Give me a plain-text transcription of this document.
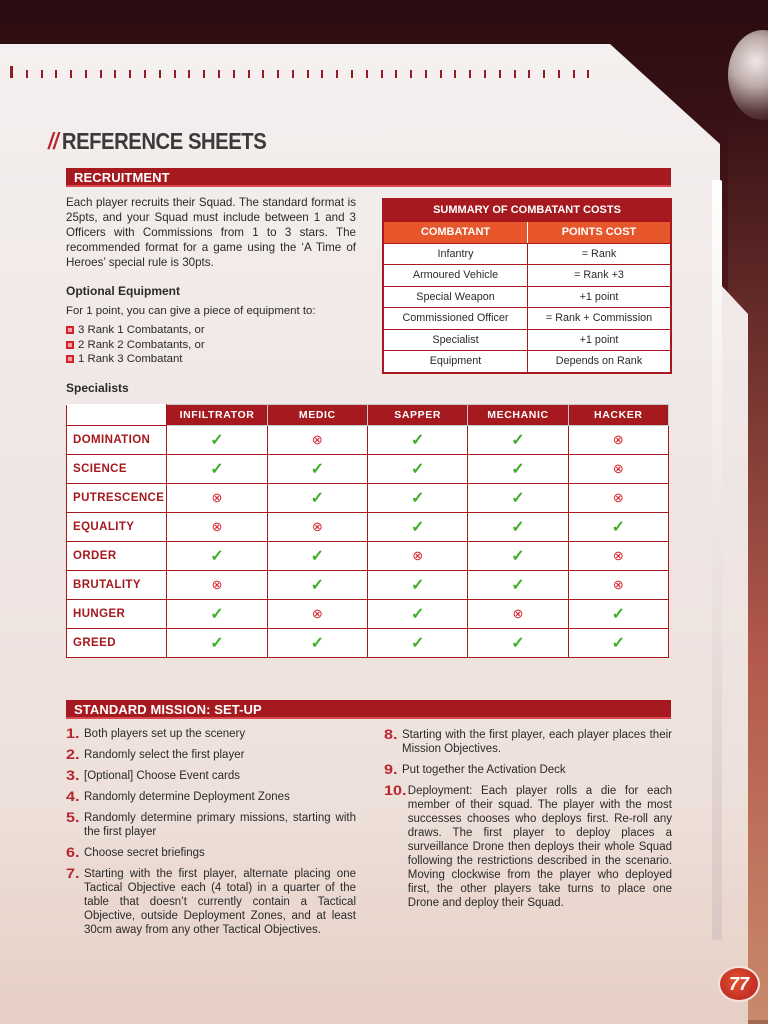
// REFERENCE SHEETS
RECRUITMENT

Each player recruits their Squad. The standard format is 25pts, and your Squad must include between 1 and 3 Officers with Commissions from 1 to 3 stars. The recommended format for a game using the ‘A Time of Heroes’ special rule is 30pts.

Optional Equipment
For 1 point, you can give a piece of equipment to:
3 Rank 1 Combatants, or
2 Rank 2 Combatants, or
1 Rank 3 Combatant
SUMMARY OF COMBATANT COSTS
COMBATANT	POINTS COST
Infantry	= Rank
Armoured Vehicle	= Rank +3
Special Weapon	+1 point
Commissioned Officer	= Rank + Commission
Specialist	+1 point
Equipment	Depends on Rank
Specialists
	INFILTRATOR	MEDIC	SAPPER	MECHANIC	HACKER
DOMINATION	✓	⊗	✓	✓	⊗
SCIENCE	✓	✓	✓	✓	⊗
PUTRESCENCE	⊗	✓	✓	✓	⊗
EQUALITY	⊗	⊗	✓	✓	✓
ORDER	✓	✓	⊗	✓	⊗
BRUTALITY	⊗	✓	✓	✓	⊗
HUNGER	✓	⊗	✓	⊗	✓
GREED	✓	✓	✓	✓	✓
STANDARD MISSION: SET-UP
1. Both players set up the scenery
2. Randomly select the first player
3. [Optional] Choose Event cards
4. Randomly determine Deployment Zones
5. Randomly determine primary missions, starting with the first player
6. Choose secret briefings
7. Starting with the first player, alternate placing one Tactical Objective each (4 total) in a quarter of the table that doesn’t currently contain a Tactical Objective, outside Deployment Zones, and at least 30cm away from any other Tactical Objectives.
8. Starting with the first player, each player places their Mission Objectives.
9. Put together the Activation Deck
10. Deployment: Each player rolls a die for each member of their squad. The player with the most successes chooses who deploys first. Re-roll any draws. The first player to deploy places a surveillance Drone then deploys their whole Squad following the restrictions described in the scenario. Moving clockwise from the player who deployed first, the other players take turns to place one Drone and deploy their Squad.
77
